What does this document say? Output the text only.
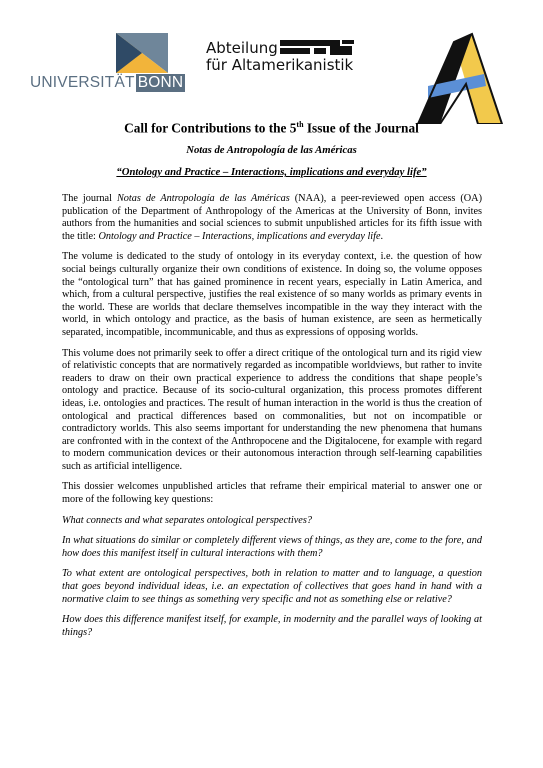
UNIVERSITÄT BONN
Abteilung
für Altamerikanistik
Call for Contributions to the 5th Issue of the Journal
Notas de Antropología de las Américas
“Ontology and Practice – Interactions, implications and everyday life”

The journal Notas de Antropología de las Américas (NAA), a peer-reviewed open access (OA) publication of the Department of Anthropology of the Americas at the University of Bonn, invites authors from the humanities and social sciences to submit unpublished articles for its fifth issue with the title: Ontology and Practice – Interactions, implications and everyday life.

The volume is dedicated to the study of ontology in its everyday context, i.e. the question of how social beings culturally organize their own conditions of existence. In doing so, the volume opposes the “ontological turn” that has gained prominence in recent years, especially in Latin America, and which, from a cultural perspective, justifies the real existence of so many worlds as primary events in the world. These are worlds that declare themselves incompatible in the way they interact with the world, in which ontology and practice, as the basis of human existence, are seen as hermetically separated, incompatible, incommunicable, and thus as expressions of opposing worlds.

This volume does not primarily seek to offer a direct critique of the ontological turn and its rigid view of relativistic concepts that are normatively regarded as incompatible worldviews, but rather to invite readers to draw on their own practical experience to address the conditions that shape people’s ontology and practice. Because of its socio-cultural organization, this process promotes different ideas, i.e. ontologies and practices. The result of human interaction in the world is thus the creation of ontological and practical differences based on commonalities, but not on incompatible or contradictory worlds. This also seems important for understanding the new phenomena that humans are confronted with in the context of the Anthropocene and the Digitalocene, for example with regard to modern communication devices or their autonomous interaction through self-learning capabilities such as artificial intelligence.

This dossier welcomes unpublished articles that reframe their empirical material to answer one or more of the following key questions:

What connects and what separates ontological perspectives?

In what situations do similar or completely different views of things, as they are, come to the fore, and how does this manifest itself in cultural interactions with them?

To what extent are ontological perspectives, both in relation to matter and to language, a question that goes beyond individual ideas, i.e. an expectation of collectives that goes hand in hand with a normative claim to see things as something very specific and not as something else or relative?

How does this difference manifest itself, for example, in modernity and the parallel ways of looking at things?
